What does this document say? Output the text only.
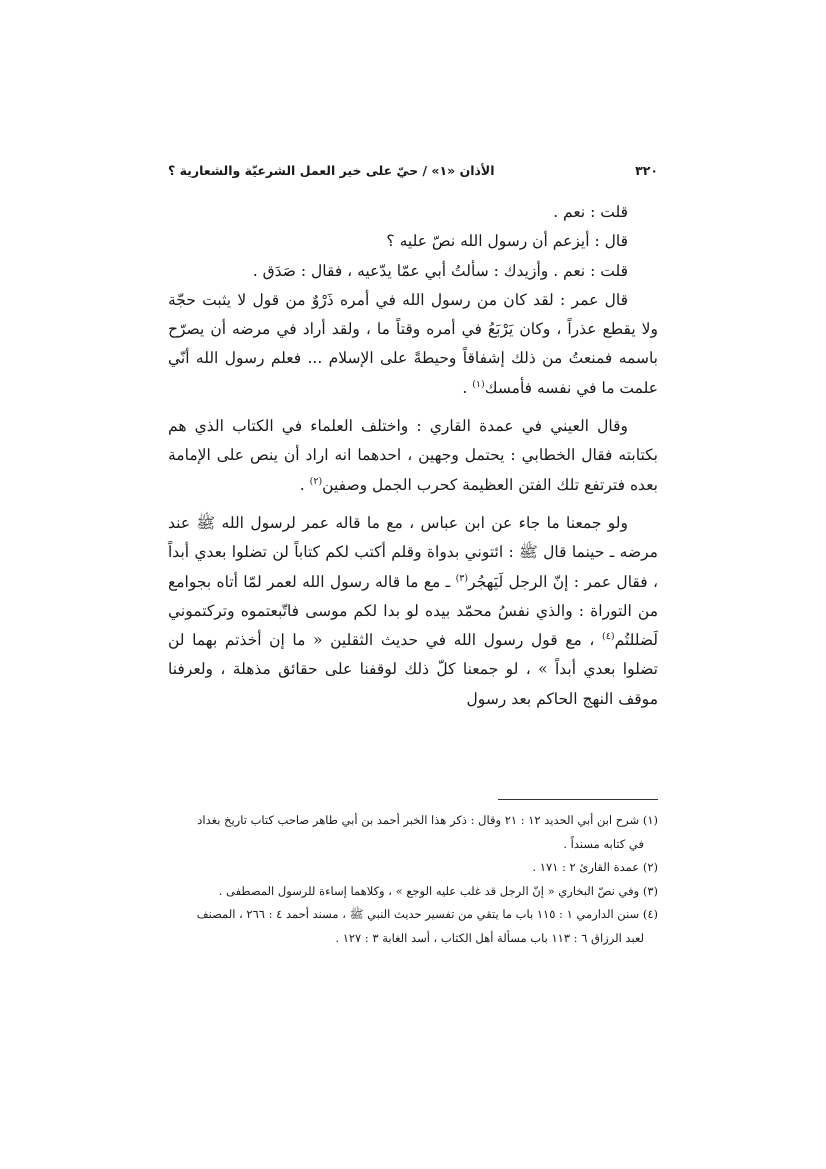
٣٢٠
الأذان «١» / حيّ على خير العمل الشرعيّة والشعارية ؟

قلت : نعم .

قال : أيزعم أن رسول الله نصّ عليه ؟

قلت : نعم . وأزيدك : سألتُ أبي عمّا يدّعيه ، فقال : صَدَق .

قال عمر : لقد كان من رسول الله في أمره ذَرْوٌ من قول لا يثبت حجّة ولا يقطع عذراً ، وكان يَرْبَعُ في أمره وقتاً ما ، ولقد أراد في مرضه أن يصرّح باسمه فمنعتُ من ذلك إشفاقاً وحيطةً على الإسلام ... فعلم رسول الله أنّي علمت ما في نفسه فأمسك$^{(١)}$ .

وقال العيني في عمدة القاري : واختلف العلماء في الكتاب الذي هم بكتابته فقال الخطابي : يحتمل وجهين ، احدهما انه اراد أن ينص على الإمامة بعده فترتفع تلك الفتن العظيمة كحرب الجمل وصفين$^{(٢)}$ .

ولو جمعنا ما جاء عن ابن عباس ، مع ما قاله عمر لرسول الله ﷺ عند مرضه ـ حينما قال ﷺ : ائتوني بدواة وقلم أكتب لكم كتاباً لن تضلوا بعدي أبداً ، فقال عمر : إنّ الرجل لَيَهجُر$^{(٣)}$ ـ مع ما قاله رسول الله لعمر لمّا أتاه بجوامع من التوراة : والذي نفسُ محمّد بيده لو بدا لكم موسى فاتّبعتموه وتركتموني لَضللتُم$^{(٤)}$ ، مع قول رسول الله في حديث الثقلين « ما إن أخذتم بهما لن تضلوا بعدي أبداً » ، لو جمعنا كلّ ذلك لوقفنا على حقائق مذهلة ، ولعرفنا موقف النهج الحاكم بعد رسول

(١) شرح ابن أبي الحديد ١٢ : ٢١ وقال : ذكر هذا الخبر أحمد بن أبي طاهر صاحب كتاب تاريخ بغداد

في كتابه مسنداً .

(٢) عمدة القارئ ٢ : ١٧١ .

(٣) وفي نصّ البخاري « إنّ الرجل قد غلب عليه الوجع » ، وكلاهما إساءة للرسول المصطفى .

(٤) سنن الدارمي ١ : ١١٥ باب ما يتقي من تفسير حديث النبي ﷺ ، مسند أحمد ٤ : ٢٦٦ ، المصنف

لعبد الرزاق ٦ : ١١٣ باب مسألة أهل الكتاب ، أسد الغابة ٣ : ١٢٧ .
